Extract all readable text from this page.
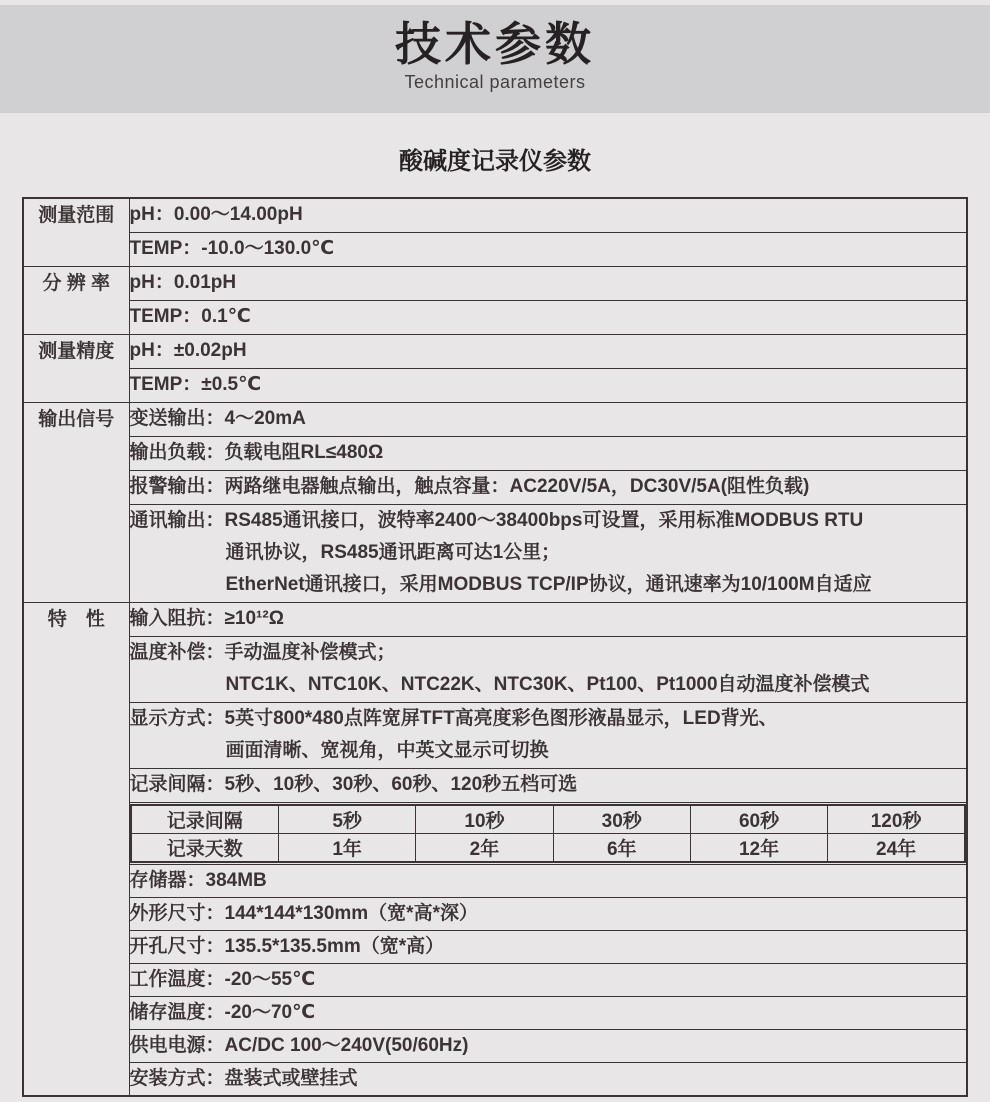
技术参数
Technical parameters
酸碱度记录仪参数
测量范围	pH：0.00～14.00pH

TEMP：-10.0～130.0℃

分 辨 率	pH：0.01pH

TEMP：0.1℃

测量精度	pH：±0.02pH

TEMP：±0.5℃

输出信号	变送输出：4～20mA

输出负载：负载电阻RL≤480Ω

报警输出：两路继电器触点输出，触点容量：AC220V/5A，DC30V/5A(阻性负载)

通讯输出：RS485通讯接口，波特率2400～38400bps可设置，采用标准MODBUS RTU
通讯协议，RS485通讯距离可达1公里；
EtherNet通讯接口，采用MODBUS TCP/IP协议，通讯速率为10/100M自适应

特　性	输入阻抗：≥10¹²Ω

温度补偿：手动温度补偿模式；
NTC1K、NTC10K、NTC22K、NTC30K、Pt100、Pt1000自动温度补偿模式

显示方式：5英寸800*480点阵宽屏TFT高亮度彩色图形液晶显示，LED背光、
画面清晰、宽视角，中英文显示可切换

记录间隔：5秒、10秒、30秒、60秒、120秒五档可选

记录间隔	5秒	10秒	30秒	60秒	120秒
记录天数	1年	2年	6年	12年	24年

存储器：384MB

外形尺寸：144*144*130mm（宽*高*深）

开孔尺寸：135.5*135.5mm（宽*高）

工作温度：-20～55℃

储存温度：-20～70℃

供电电源：AC/DC 100～240V(50/60Hz)

安装方式：盘装式或壁挂式
